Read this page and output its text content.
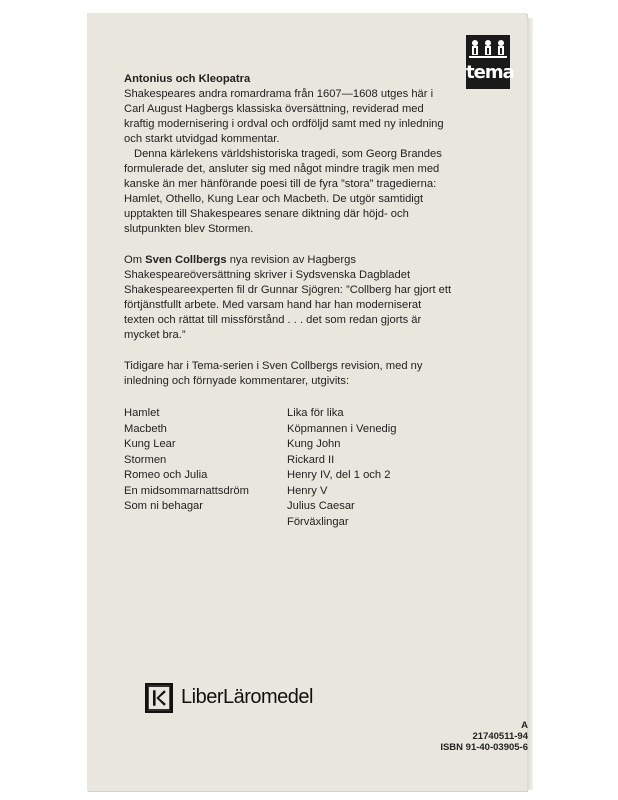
tema

Antonius och Kleopatra

Shakespeares andra romardrama från 1607—1608 utges här i Carl August Hagbergs klassiska översättning, reviderad med kraftig modernisering i ordval och ordföljd samt med ny inledning och starkt utvidgad kommentar.

Denna kärlekens världshistoriska tragedi, som Georg Brandes formulerade det, ansluter sig med något mindre tragik men med kanske än mer hänförande poesi till de fyra ”stora” tragedierna: Hamlet, Othello, Kung Lear och Macbeth. De utgör samtidigt upptakten till Shakespeares senare diktning där höjd- och slutpunkten blev Stormen.

Om Sven Collbergs nya revision av Hagbergs Shakespeareöversättning skriver i Sydsvenska Dagbladet Shakespeareexperten fil dr Gunnar Sjögren: ”Collberg har gjort ett förtjänstfullt arbete. Med varsam hand har han moderniserat texten och rättat till missförstånd . . . det som redan gjorts är mycket bra.”

Tidigare har i Tema-serien i Sven Collbergs revision, med ny inledning och förnyade kommentarer, utgivits:

Hamlet
Macbeth
Kung Lear
Stormen
Romeo och Julia
En midsommarnattsdröm
Som ni behagar
Lika för lika
Köpmannen i Venedig
Kung John
Rickard II
Henry IV, del 1 och 2
Henry V
Julius Caesar
Förväxlingar
LiberLäromedel
A
21740511-94
ISBN 91-40-03905-6
